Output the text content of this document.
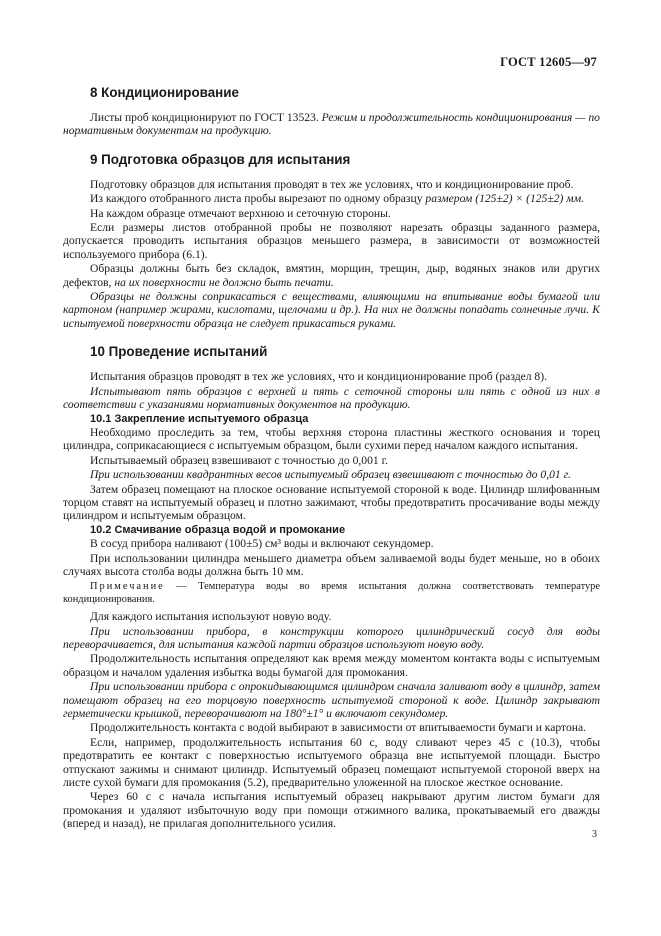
ГОСТ 12605—97
8 Кондиционирование

Листы проб кондиционируют по ГОСТ 13523. Режим и продолжительность кондиционирования — по нормативным документам на продукцию.

9 Подготовка образцов для испытания

Подготовку образцов для испытания проводят в тех же условиях, что и кондиционирование проб.

Из каждого отобранного листа пробы вырезают по одному образцу размером (125±2) × (125±2) мм.

На каждом образце отмечают верхнюю и сеточную стороны.

Если размеры листов отобранной пробы не позволяют нарезать образцы заданного размера, допускается проводить испытания образцов меньшего размера, в зависимости от возможностей используемого прибора (6.1).

Образцы должны быть без складок, вмятин, морщин, трещин, дыр, водяных знаков или других дефектов, на их поверхности не должно быть печати.

Образцы не должны соприкасаться с веществами, влияющими на впитывание воды бумагой или картоном (например жирами, кислотами, щелочами и др.). На них не должны попадать солнечные лучи. К испытуемой поверхности образца не следует прикасаться руками.

10 Проведение испытаний

Испытания образцов проводят в тех же условиях, что и кондиционирование проб (раздел 8).

Испытывают пять образцов с верхней и пять с сеточной стороны или пять с одной из них в соответствии с указаниями нормативных документов на продукцию.

10.1 Закрепление испытуемого образца

Необходимо проследить за тем, чтобы верхняя сторона пластины жесткого основания и торец цилиндра, соприкасающиеся с испытуемым образцом, были сухими перед началом каждого испытания.

Испытываемый образец взвешивают с точностью до 0,001 г.

При использовании квадрантных весов испытуемый образец взвешивают с точностью до 0,01 г.

Затем образец помещают на плоское основание испытуемой стороной к воде. Цилиндр шлифованным торцом ставят на испытуемый образец и плотно зажимают, чтобы предотвратить просачивание воды между цилиндром и испытуемым образцом.

10.2 Смачивание образца водой и промокание

В сосуд прибора наливают (100±5) см³ воды и включают секундомер.

При использовании цилиндра меньшего диаметра объем заливаемой воды будет меньше, но в обоих случаях высота столба воды должна быть 10 мм.

Примечание — Температура воды во время испытания должна соответствовать температуре кондиционирования.

Для каждого испытания используют новую воду.

При использовании прибора, в конструкции которого цилиндрический сосуд для воды переворачивается, для испытания каждой партии образцов используют новую воду.

Продолжительность испытания определяют как время между моментом контакта воды с испытуемым образцом и началом удаления избытка воды бумагой для промокания.

При использовании прибора с опрокидывающимся цилиндром сначала заливают воду в цилиндр, затем помещают образец на его торцовую поверхность испытуемой стороной к воде. Цилиндр закрывают герметически крышкой, переворачивают на 180°±1° и включают секундомер.

Продолжительность контакта с водой выбирают в зависимости от впитываемости бумаги и картона.

Если, например, продолжительность испытания 60 с, воду сливают через 45 с (10.3), чтобы предотвратить ее контакт с поверхностью испытуемого образца вне испытуемой площади. Быстро отпускают зажимы и снимают цилиндр. Испытуемый образец помещают испытуемой стороной вверх на листе сухой бумаги для промокания (5.2), предварительно уложенной на плоское жесткое основание.

Через 60 с с начала испытания испытуемый образец накрывают другим листом бумаги для промокания и удаляют избыточную воду при помощи отжимного валика, прокатываемый его дважды (вперед и назад), не прилагая дополнительного усилия.

3
